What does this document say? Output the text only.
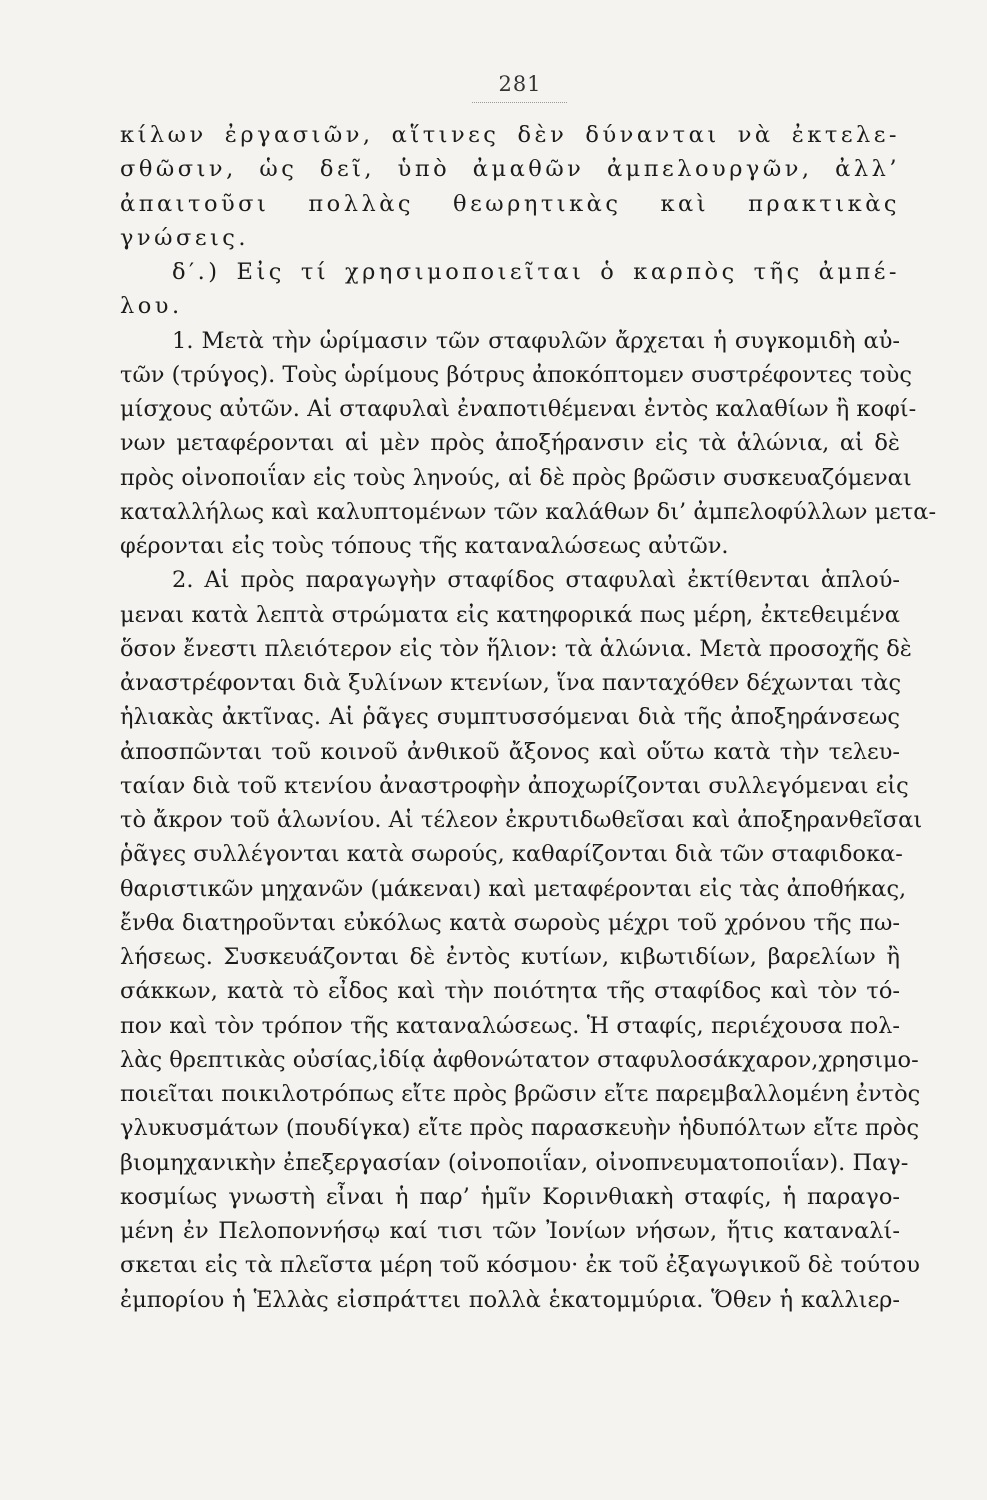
281
κίλων ἐργασιῶν, αἵτινες δὲν δύνανται νὰ ἐκτελε-
σθῶσιν, ὡς δεῖ, ὑπὸ ἀμαθῶν ἀμπελουργῶν, ἀλλ’
ἀπαιτοῦσι πολλὰς θεωρητικὰς καὶ πρακτικὰς
γνώσεις.
δ′.) Εἰς τί χρησιμοποιεῖται ὁ καρπὸς τῆς ἀμπέ-
λου.
1. Μετὰ τὴν ὡρίμασιν τῶν σταφυλῶν ἄρχεται ἡ συγκομιδὴ αὐ-
τῶν (τρύγος). Τοὺς ὡρίμους βότρυς ἀποκόπτομεν συστρέφοντες τοὺς
μίσχους αὐτῶν. Αἱ σταφυλαὶ ἐναποτιθέμεναι ἐντὸς καλαθίων ἢ κοφί-
νων μεταφέρονται αἱ μὲν πρὸς ἀποξήρανσιν εἰς τὰ ἁλώνια, αἱ δὲ
πρὸς οἰνοποιΐαν εἰς τοὺς ληνούς, αἱ δὲ πρὸς βρῶσιν συσκευαζόμεναι
καταλλήλως καὶ καλυπτομένων τῶν καλάθων δι’ ἀμπελοφύλλων μετα-
φέρονται εἰς τοὺς τόπους τῆς καταναλώσεως αὐτῶν.
2. Αἱ πρὸς παραγωγὴν σταφίδος σταφυλαὶ ἐκτίθενται ἁπλού-
μεναι κατὰ λεπτὰ στρώματα εἰς κατηφορικά πως μέρη, ἐκτεθειμένα
ὅσον ἔνεστι πλειότερον εἰς τὸν ἥλιον: τὰ ἁλώνια. Μετὰ προσοχῆς δὲ
ἀναστρέφονται διὰ ξυλίνων κτενίων, ἵνα πανταχόθεν δέχωνται τὰς
ἡλιακὰς ἀκτῖνας. Αἱ ῥᾶγες συμπτυσσόμεναι διὰ τῆς ἀποξηράνσεως
ἀποσπῶνται τοῦ κοινοῦ ἀνθικοῦ ἄξονος καὶ οὕτω κατὰ τὴν τελευ-
ταίαν διὰ τοῦ κτενίου ἀναστροφὴν ἀποχωρίζονται συλλεγόμεναι εἰς
τὸ ἄκρον τοῦ ἁλωνίου. Αἱ τέλεον ἐκρυτιδωθεῖσαι καὶ ἀποξηρανθεῖσαι
ῥᾶγες συλλέγονται κατὰ σωρούς, καθαρίζονται διὰ τῶν σταφιδοκα-
θαριστικῶν μηχανῶν (μάκεναι) καὶ μεταφέρονται εἰς τὰς ἀποθήκας,
ἔνθα διατηροῦνται εὐκόλως κατὰ σωροὺς μέχρι τοῦ χρόνου τῆς πω-
λήσεως. Συσκευάζονται δὲ ἐντὸς κυτίων, κιβωτιδίων, βαρελίων ἢ
σάκκων, κατὰ τὸ εἶδος καὶ τὴν ποιότητα τῆς σταφίδος καὶ τὸν τό-
πον καὶ τὸν τρόπον τῆς καταναλώσεως. Ἡ σταφίς, περιέχουσα πολ-
λὰς θρεπτικὰς οὐσίας,ἰδίᾳ ἀφθονώτατον σταφυλοσάκχαρον,χρησιμο-
ποιεῖται ποικιλοτρόπως εἴτε πρὸς βρῶσιν εἴτε παρεμβαλλομένη ἐντὸς
γλυκυσμάτων (πουδίγκα) εἴτε πρὸς παρασκευὴν ἡδυπόλτων εἴτε πρὸς
βιομηχανικὴν ἐπεξεργασίαν (οἰνοποιΐαν, οἰνοπνευματοποιΐαν). Παγ-
κοσμίως γνωστὴ εἶναι ἡ παρ’ ἡμῖν Κορινθιακὴ σταφίς, ἡ παραγο-
μένη ἐν Πελοποννήσῳ καί τισι τῶν Ἰονίων νήσων, ἥτις καταναλί-
σκεται εἰς τὰ πλεῖστα μέρη τοῦ κόσμου· ἐκ τοῦ ἐξαγωγικοῦ δὲ τούτου
ἐμπορίου ἡ Ἑλλὰς εἰσπράττει πολλὰ ἑκατομμύρια. Ὅθεν ἡ καλλιερ-
